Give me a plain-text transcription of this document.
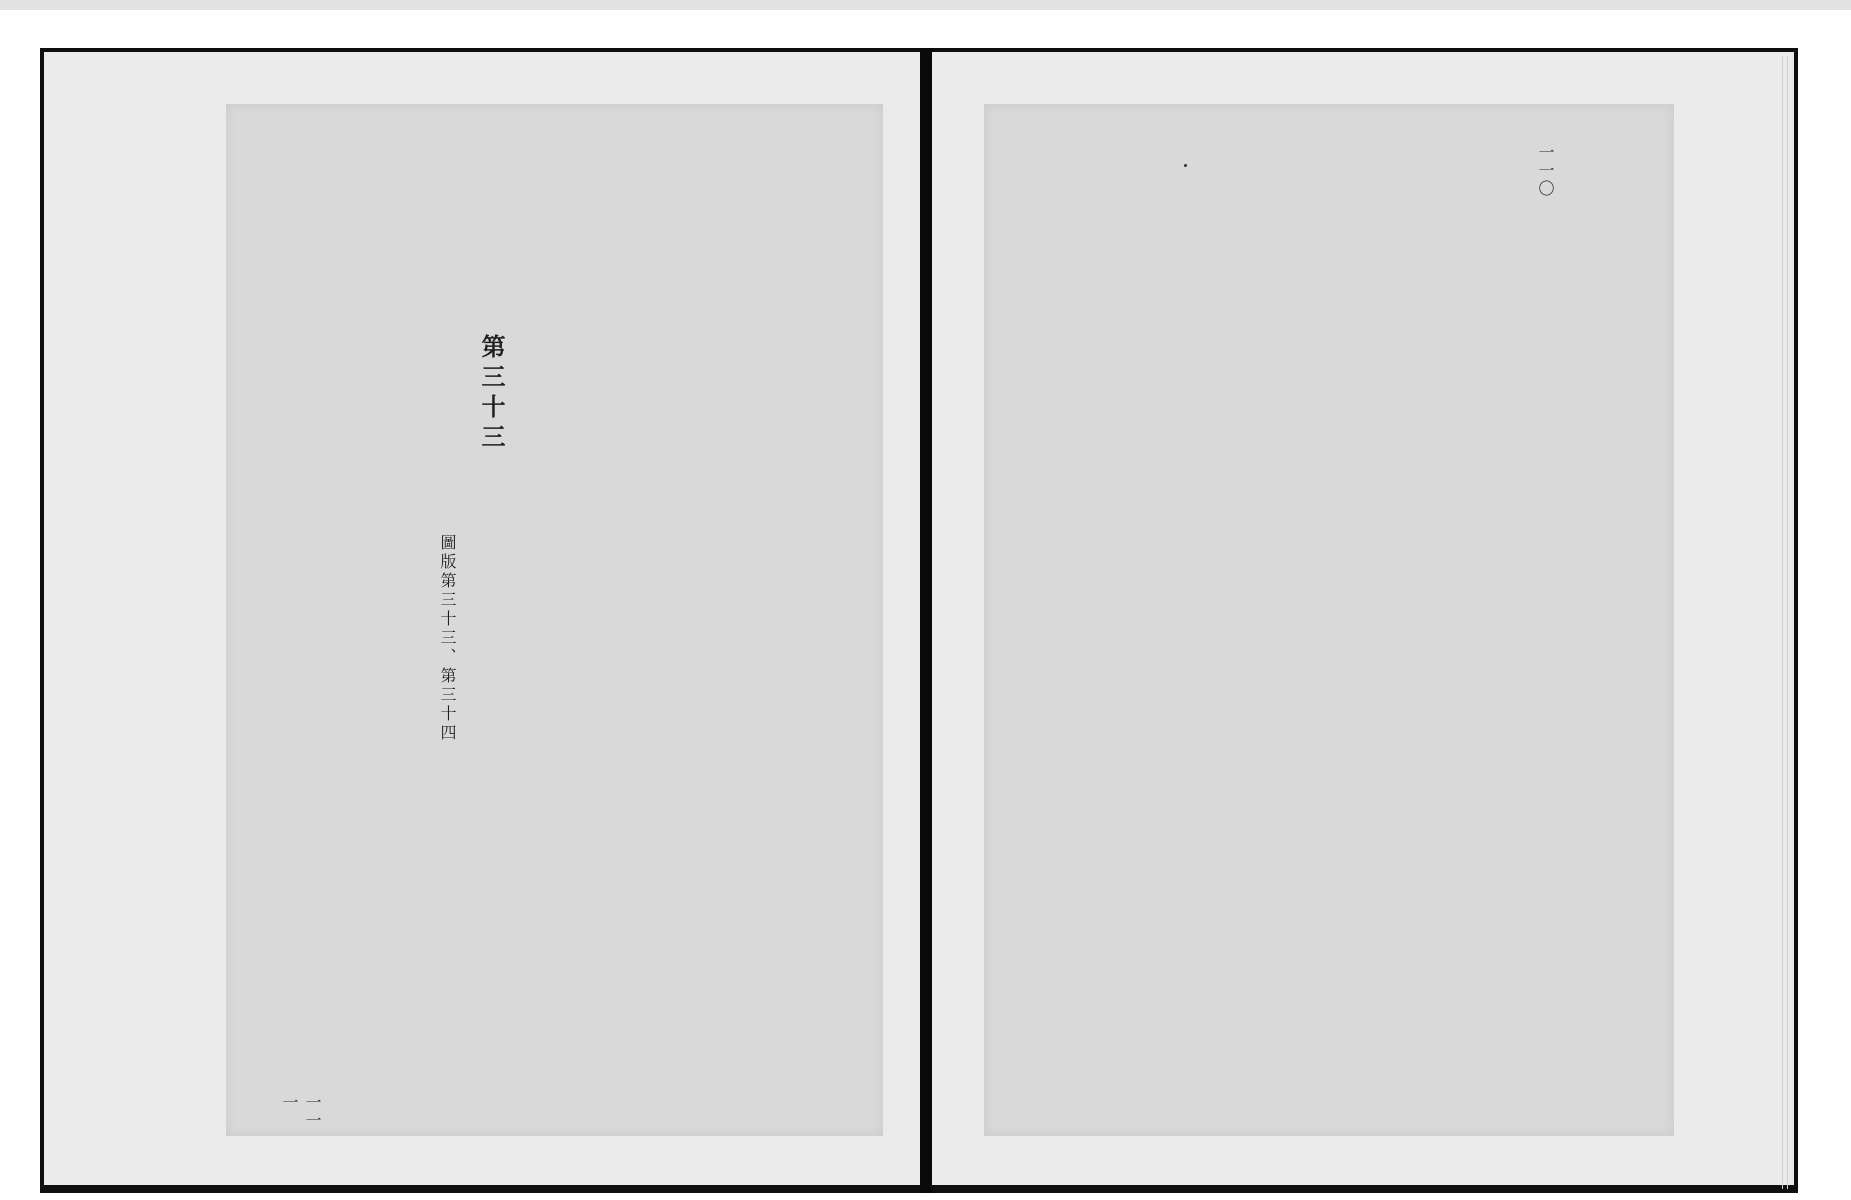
第三十三
圖版第三十三、第三十四
一一一
一一〇
